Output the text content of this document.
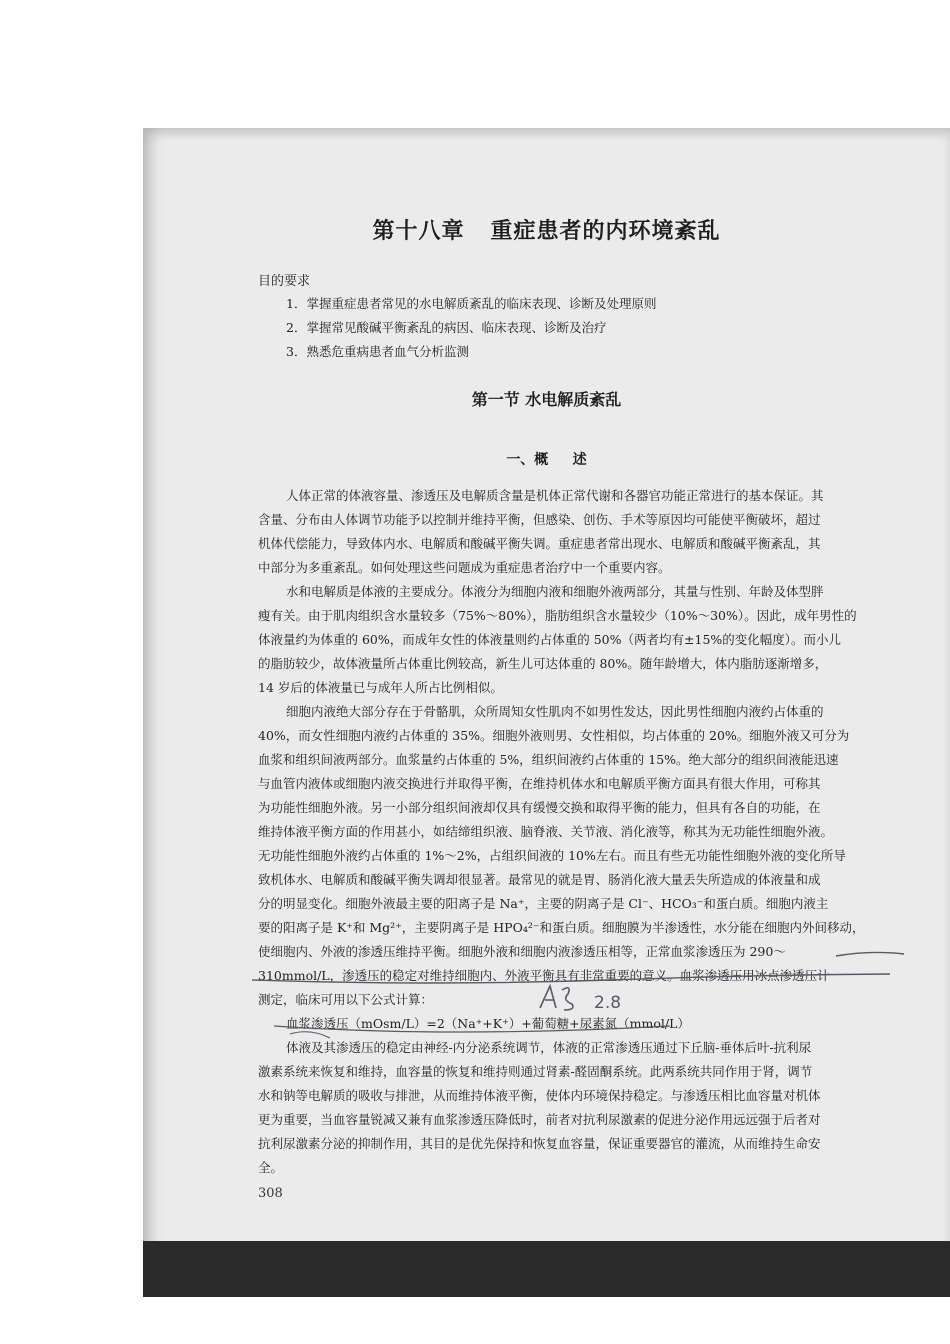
第十八章   重症患者的内环境紊乱
目的要求
1．掌握重症患者常见的水电解质紊乱的临床表现、诊断及处理原则
2．掌握常见酸碱平衡紊乱的病因、临床表现、诊断及治疗
3．熟悉危重病患者血气分析监测
第一节 水电解质紊乱
一、概     述
人体正常的体液容量、渗透压及电解质含量是机体正常代谢和各器官功能正常进行的基本保证。其
含量、分布由人体调节功能予以控制并维持平衡，但感染、创伤、手术等原因均可能使平衡破坏，超过
机体代偿能力，导致体内水、电解质和酸碱平衡失调。重症患者常出现水、电解质和酸碱平衡紊乱，其
中部分为多重紊乱。如何处理这些问题成为重症患者治疗中一个重要内容。
水和电解质是体液的主要成分。体液分为细胞内液和细胞外液两部分，其量与性别、年龄及体型胖
瘦有关。由于肌肉组织含水量较多（75%～80%），脂肪组织含水量较少（10%～30%）。因此，成年男性的
体液量约为体重的 60%，而成年女性的体液量则约占体重的 50%（两者均有±15%的变化幅度）。而小儿
的脂肪较少，故体液量所占体重比例较高，新生儿可达体重的 80%。随年龄增大，体内脂肪逐渐增多，
14 岁后的体液量已与成年人所占比例相似。
细胞内液绝大部分存在于骨骼肌，众所周知女性肌肉不如男性发达，因此男性细胞内液约占体重的
40%，而女性细胞内液约占体重的 35%。细胞外液则男、女性相似，均占体重的 20%。细胞外液又可分为
血浆和组织间液两部分。血浆量约占体重的 5%，组织间液约占体重的 15%。绝大部分的组织间液能迅速
与血管内液体或细胞内液交换进行并取得平衡，在维持机体水和电解质平衡方面具有很大作用，可称其
为功能性细胞外液。另一小部分组织间液却仅具有缓慢交换和取得平衡的能力，但具有各自的功能，在
维持体液平衡方面的作用甚小，如结缔组织液、脑脊液、关节液、消化液等，称其为无功能性细胞外液。
无功能性细胞外液约占体重的 1%～2%，占组织间液的 10%左右。而且有些无功能性细胞外液的变化所导
致机体水、电解质和酸碱平衡失调却很显著。最常见的就是胃、肠消化液大量丢失所造成的体液量和成
分的明显变化。细胞外液最主要的阳离子是 Na⁺，主要的阴离子是 Cl⁻、HCO₃⁻和蛋白质。细胞内液主
要的阳离子是 K⁺和 Mg²⁺，主要阴离子是 HPO₄²⁻和蛋白质。细胞膜为半渗透性，水分能在细胞内外间移动，
使细胞内、外液的渗透压维持平衡。细胞外液和细胞内液渗透压相等，正常血浆渗透压为 290～
310mmol/L，渗透压的稳定对维持细胞内、外液平衡具有非常重要的意义。血浆渗透压用冰点渗透压计
测定，临床可用以下公式计算：
血浆渗透压（mOsm/L）=2（Na⁺+K⁺）+葡萄糖+尿素氮（mmol/L）
体液及其渗透压的稳定由神经-内分泌系统调节，体液的正常渗透压通过下丘脑-垂体后叶-抗利尿
激素系统来恢复和维持，血容量的恢复和维持则通过肾素-醛固酮系统。此两系统共同作用于肾，调节
水和钠等电解质的吸收与排泄，从而维持体液平衡，使体内环境保持稳定。与渗透压相比血容量对机体
更为重要，当血容量锐减又兼有血浆渗透压降低时，前者对抗利尿激素的促进分泌作用远远强于后者对
抗利尿激素分泌的抑制作用，其目的是优先保持和恢复血容量，保证重要器官的灌流，从而维持生命安
全。
2.8
308
